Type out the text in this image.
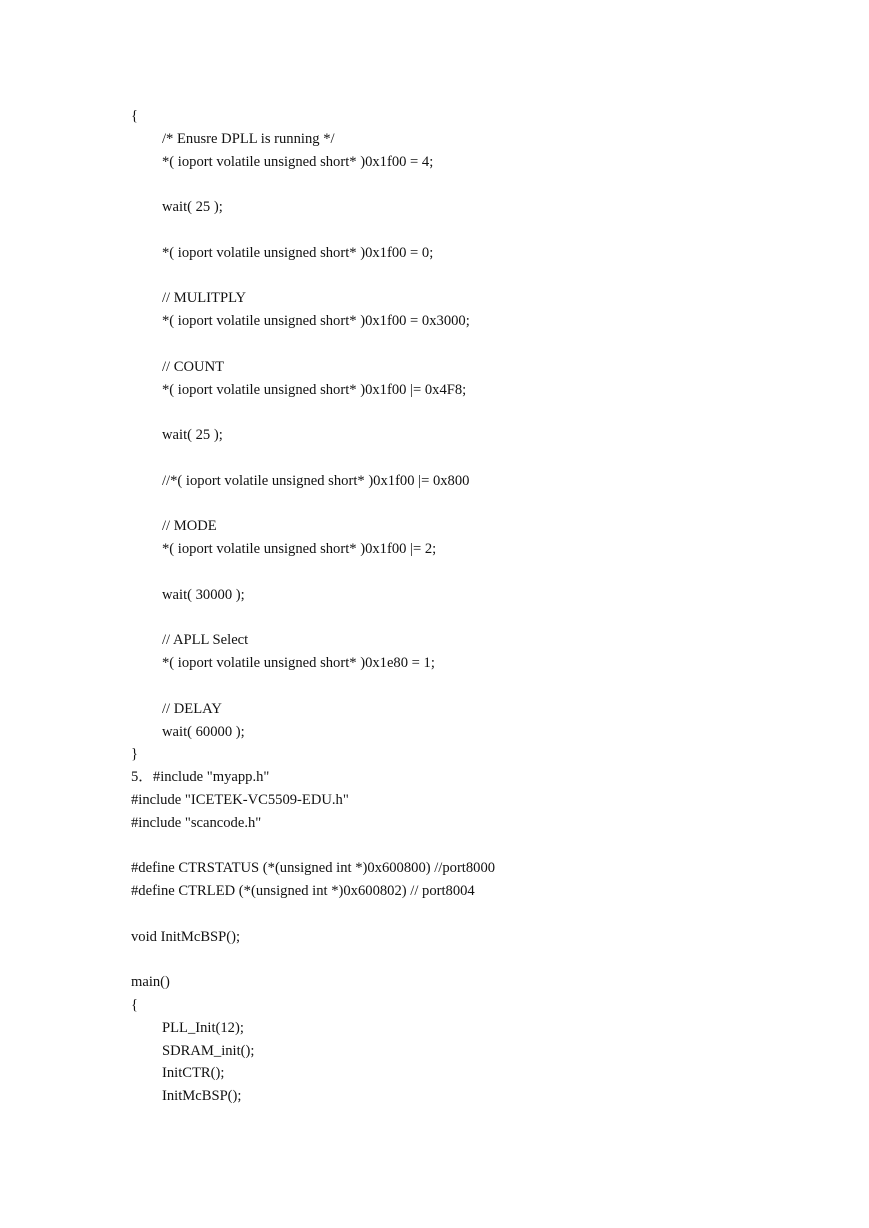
{
/* Enusre DPLL is running */
*( ioport volatile unsigned short* )0x1f00 = 4;
wait( 25 );
*( ioport volatile unsigned short* )0x1f00 = 0;
// MULITPLY
*( ioport volatile unsigned short* )0x1f00 = 0x3000;
// COUNT
*( ioport volatile unsigned short* )0x1f00 |= 0x4F8;
wait( 25 );
//*( ioport volatile unsigned short* )0x1f00 |= 0x800
// MODE
*( ioport volatile unsigned short* )0x1f00 |= 2;
wait( 30000 );
// APLL Select
*( ioport volatile unsigned short* )0x1e80 = 1;
// DELAY
wait( 60000 );
}
5．#include "myapp.h"
#include "ICETEK-VC5509-EDU.h"
#include "scancode.h"
#define CTRSTATUS (*(unsigned int *)0x600800) //port8000
#define CTRLED (*(unsigned int *)0x600802) // port8004
void InitMcBSP();
main()
{
PLL_Init(12);
SDRAM_init();
InitCTR();
InitMcBSP();
